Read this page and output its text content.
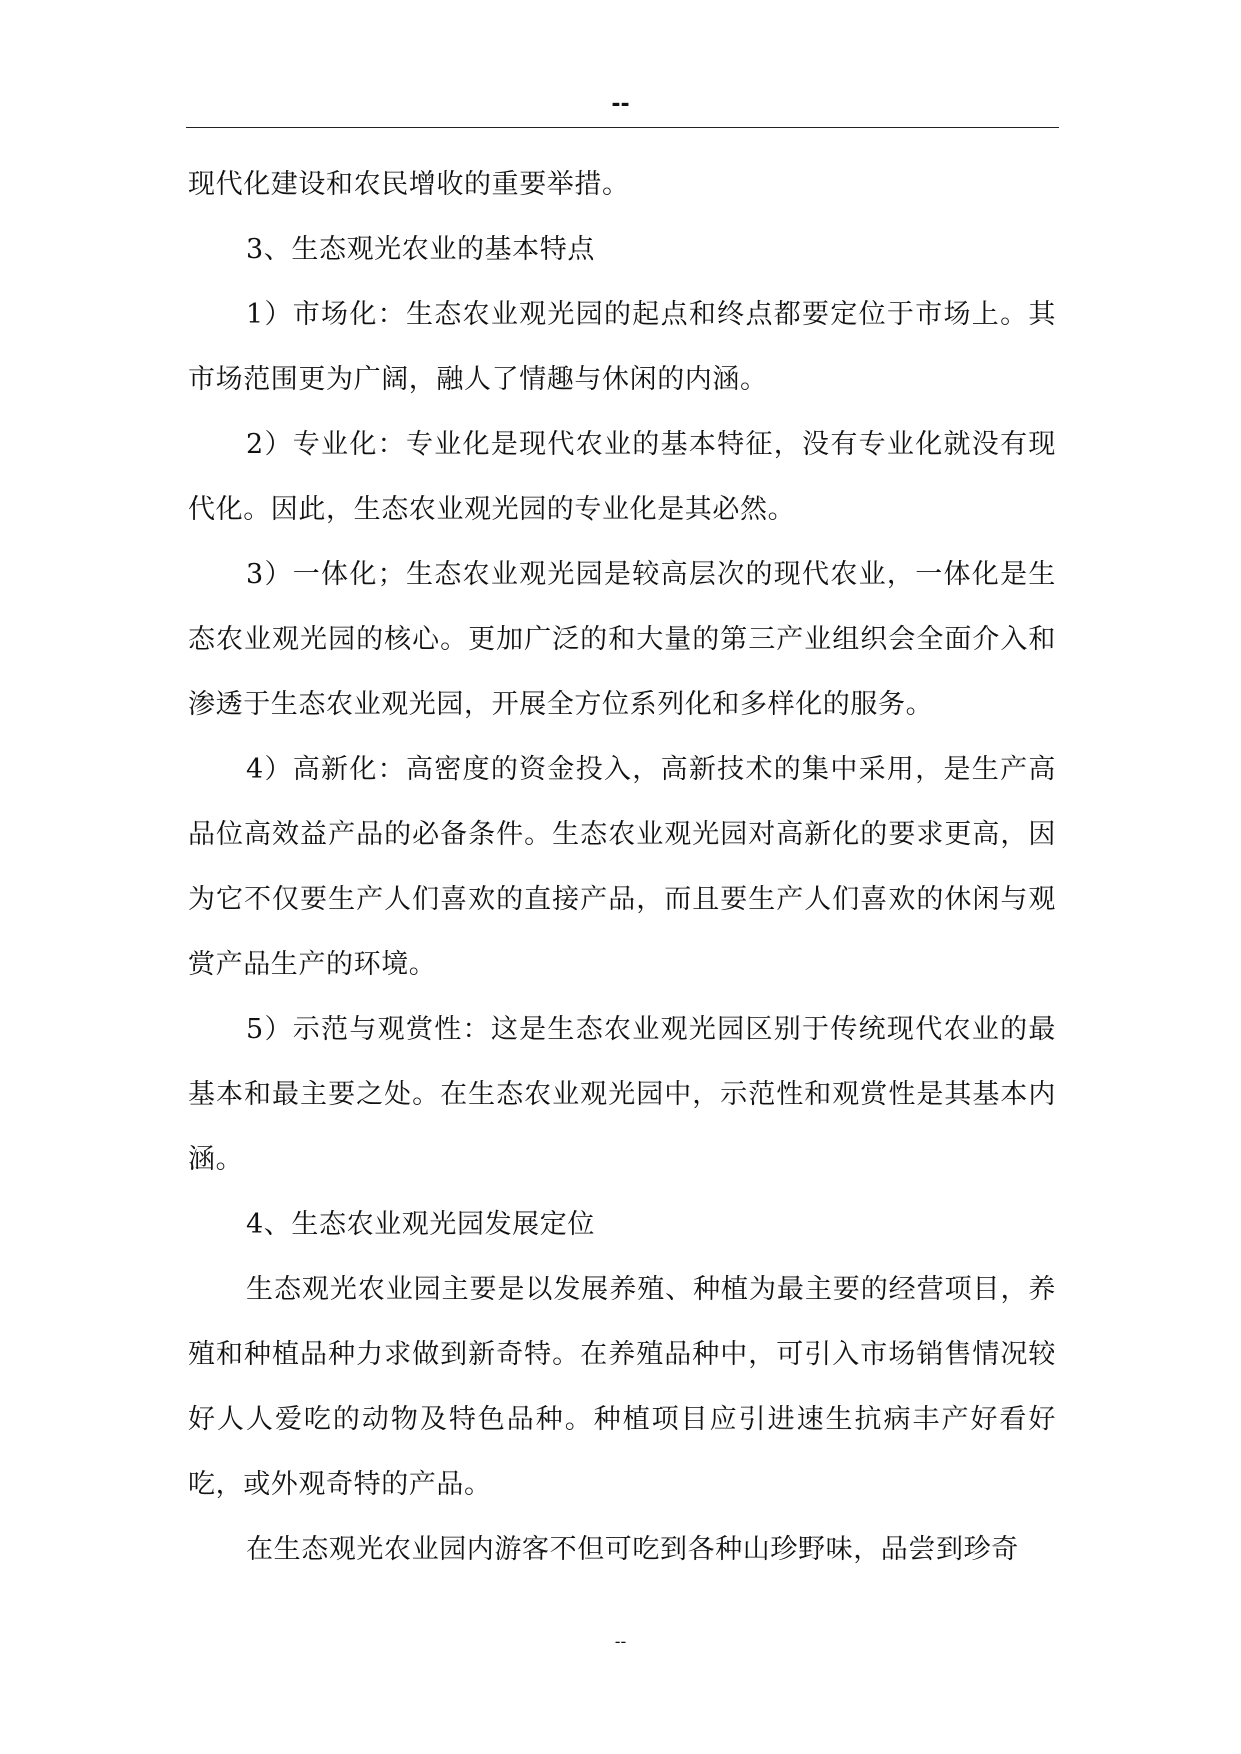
--

现代化建设和农民增收的重要举措。

3、生态观光农业的基本特点

1）市场化：生态农业观光园的起点和终点都要定位于市场上。其市场范围更为广阔，融人了情趣与休闲的内涵。

2）专业化：专业化是现代农业的基本特征，没有专业化就没有现代化。因此，生态农业观光园的专业化是其必然。

3）一体化；生态农业观光园是较高层次的现代农业，一体化是生态农业观光园的核心。更加广泛的和大量的第三产业组织会全面介入和渗透于生态农业观光园，开展全方位系列化和多样化的服务。

4）高新化：高密度的资金投入，高新技术的集中采用，是生产高品位高效益产品的必备条件。生态农业观光园对高新化的要求更高，因为它不仅要生产人们喜欢的直接产品，而且要生产人们喜欢的休闲与观赏产品生产的环境。

5）示范与观赏性：这是生态农业观光园区别于传统现代农业的最基本和最主要之处。在生态农业观光园中，示范性和观赏性是其基本内涵。

4、生态农业观光园发展定位

生态观光农业园主要是以发展养殖、种植为最主要的经营项目，养殖和种植品种力求做到新奇特。在养殖品种中，可引入市场销售情况较好人人爱吃的动物及特色品种。种植项目应引进速生抗病丰产好看好吃，或外观奇特的产品。

在生态观光农业园内游客不但可吃到各种山珍野味，品尝到珍奇

--
